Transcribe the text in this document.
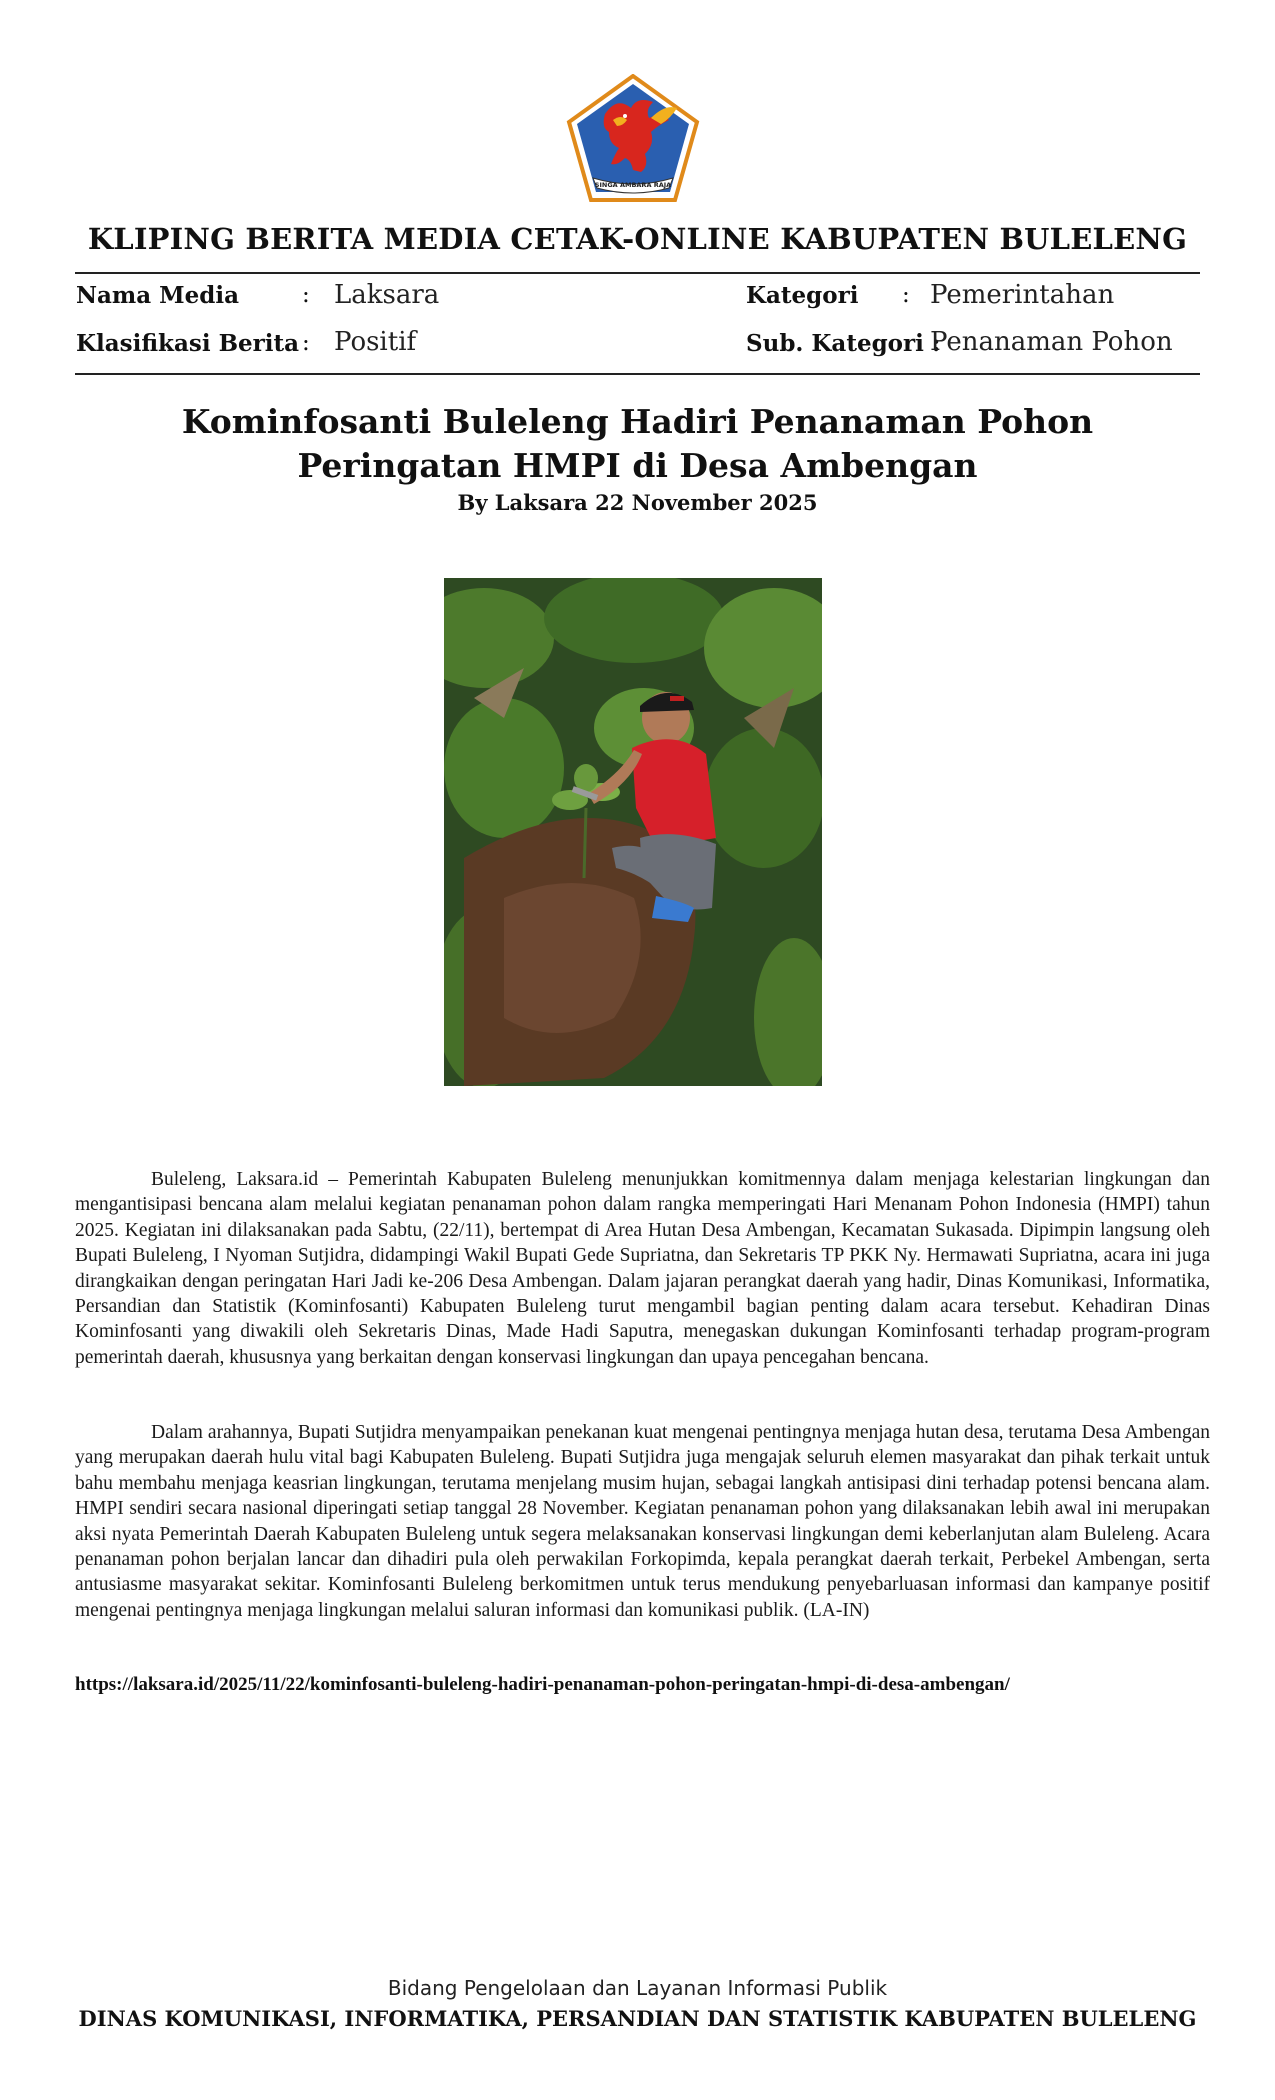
SINGA AMBARA RAJA
KLIPING BERITA MEDIA CETAK-ONLINE KABUPATEN BULELENG
Nama Media	: Laksara	Kategori : Pemerintahan
Klasifikasi Berita : Positif	Sub. Kategori :
Penanaman Pohon
Kominfosanti Buleleng Hadiri Penanaman Pohon Peringatan HMPI di Desa Ambengan
By Laksara 22 November 2025
Buleleng, Laksara.id – Pemerintah Kabupaten Buleleng menunjukkan komitmennya dalam menjaga kelestarian lingkungan dan mengantisipasi bencana alam melalui kegiatan penanaman pohon dalam rangka memperingati Hari Menanam Pohon Indonesia (HMPI) tahun 2025. Kegiatan ini dilaksanakan pada Sabtu, (22/11), bertempat di Area Hutan Desa Ambengan, Kecamatan Sukasada. Dipimpin langsung oleh Bupati Buleleng, I Nyoman Sutjidra, didampingi Wakil Bupati Gede Supriatna, dan Sekretaris TP PKK Ny. Hermawati Supriatna, acara ini juga dirangkaikan dengan peringatan Hari Jadi ke-206 Desa Ambengan. Dalam jajaran perangkat daerah yang hadir, Dinas Komunikasi, Informatika, Persandian dan Statistik (Kominfosanti) Kabupaten Buleleng turut mengambil bagian penting dalam acara tersebut. Kehadiran Dinas Kominfosanti yang diwakili oleh Sekretaris Dinas, Made Hadi Saputra, menegaskan dukungan Kominfosanti terhadap program-program pemerintah daerah, khususnya yang berkaitan dengan konservasi lingkungan dan upaya pencegahan bencana.
Dalam arahannya, Bupati Sutjidra menyampaikan penekanan kuat mengenai pentingnya menjaga hutan desa, terutama Desa Ambengan yang merupakan daerah hulu vital bagi Kabupaten Buleleng. Bupati Sutjidra juga mengajak seluruh elemen masyarakat dan pihak terkait untuk bahu membahu menjaga keasrian lingkungan, terutama menjelang musim hujan, sebagai langkah antisipasi dini terhadap potensi bencana alam. HMPI sendiri secara nasional diperingati setiap tanggal 28 November. Kegiatan penanaman pohon yang dilaksanakan lebih awal ini merupakan aksi nyata Pemerintah Daerah Kabupaten Buleleng untuk segera melaksanakan konservasi lingkungan demi keberlanjutan alam Buleleng. Acara penanaman pohon berjalan lancar dan dihadiri pula oleh perwakilan Forkopimda, kepala perangkat daerah terkait, Perbekel Ambengan, serta antusiasme masyarakat sekitar. Kominfosanti Buleleng berkomitmen untuk terus mendukung penyebarluasan informasi dan kampanye positif mengenai pentingnya menjaga lingkungan melalui saluran informasi dan komunikasi publik. (LA-IN)
https://laksara.id/2025/11/22/kominfosanti-buleleng-hadiri-penanaman-pohon-peringatan-hmpi-di-desa-ambengan/
Bidang Pengelolaan dan Layanan Informasi Publik
DINAS KOMUNIKASI, INFORMATIKA, PERSANDIAN DAN STATISTIK KABUPATEN BULELENG
